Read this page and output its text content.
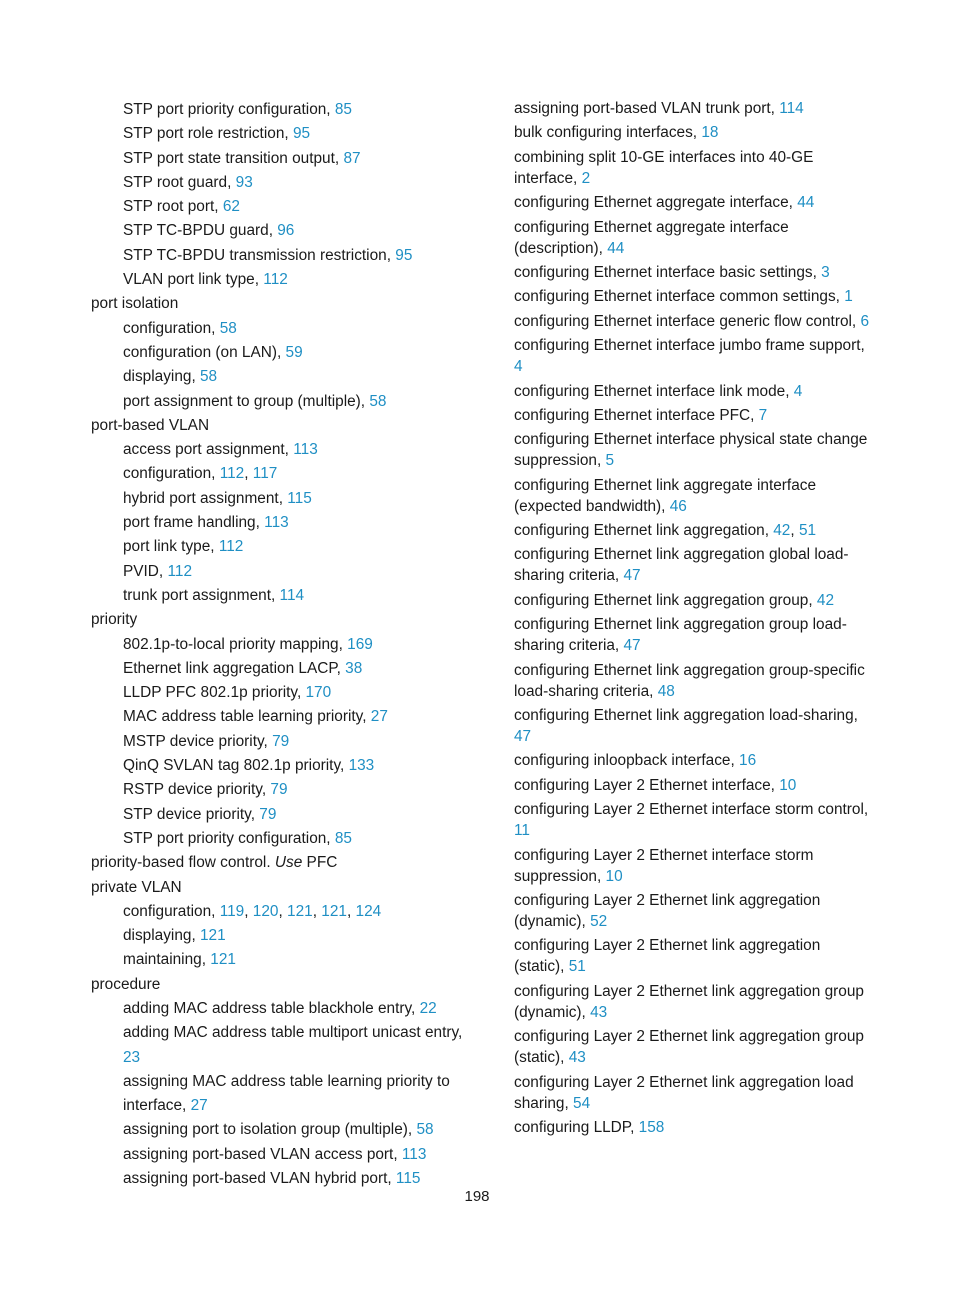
STP port priority configuration, 85
STP port role restriction, 95
STP port state transition output, 87
STP root guard, 93
STP root port, 62
STP TC-BPDU guard, 96
STP TC-BPDU transmission restriction, 95
VLAN port link type, 112
port isolation
configuration, 58
configuration (on LAN), 59
displaying, 58
port assignment to group (multiple), 58
port-based VLAN
access port assignment, 113
configuration, 112, 117
hybrid port assignment, 115
port frame handling, 113
port link type, 112
PVID, 112
trunk port assignment, 114
priority
802.1p-to-local priority mapping, 169
Ethernet link aggregation LACP, 38
LLDP PFC 802.1p priority, 170
MAC address table learning priority, 27
MSTP device priority, 79
QinQ SVLAN tag 802.1p priority, 133
RSTP device priority, 79
STP device priority, 79
STP port priority configuration, 85
priority-based flow control. Use PFC
private VLAN
configuration, 119, 120, 121, 121, 124
displaying, 121
maintaining, 121
procedure
adding MAC address table blackhole entry, 22
adding MAC address table multiport unicast entry, 23
assigning MAC address table learning priority to interface, 27
assigning port to isolation group (multiple), 58
assigning port-based VLAN access port, 113
assigning port-based VLAN hybrid port, 115
assigning port-based VLAN trunk port, 114
bulk configuring interfaces, 18
combining split 10-GE interfaces into 40-GE interface, 2
configuring Ethernet aggregate interface, 44
configuring Ethernet aggregate interface (description), 44
configuring Ethernet interface basic settings, 3
configuring Ethernet interface common settings, 1
configuring Ethernet interface generic flow control, 6
configuring Ethernet interface jumbo frame support, 4
configuring Ethernet interface link mode, 4
configuring Ethernet interface PFC, 7
configuring Ethernet interface physical state change suppression, 5
configuring Ethernet link aggregate interface (expected bandwidth), 46
configuring Ethernet link aggregation, 42, 51
configuring Ethernet link aggregation global load-sharing criteria, 47
configuring Ethernet link aggregation group, 42
configuring Ethernet link aggregation group load-sharing criteria, 47
configuring Ethernet link aggregation group-specific load-sharing criteria, 48
configuring Ethernet link aggregation load-sharing, 47
configuring inloopback interface, 16
configuring Layer 2 Ethernet interface, 10
configuring Layer 2 Ethernet interface storm control, 11
configuring Layer 2 Ethernet interface storm suppression, 10
configuring Layer 2 Ethernet link aggregation (dynamic), 52
configuring Layer 2 Ethernet link aggregation (static), 51
configuring Layer 2 Ethernet link aggregation group (dynamic), 43
configuring Layer 2 Ethernet link aggregation group (static), 43
configuring Layer 2 Ethernet link aggregation load sharing, 54
configuring LLDP, 158
198
